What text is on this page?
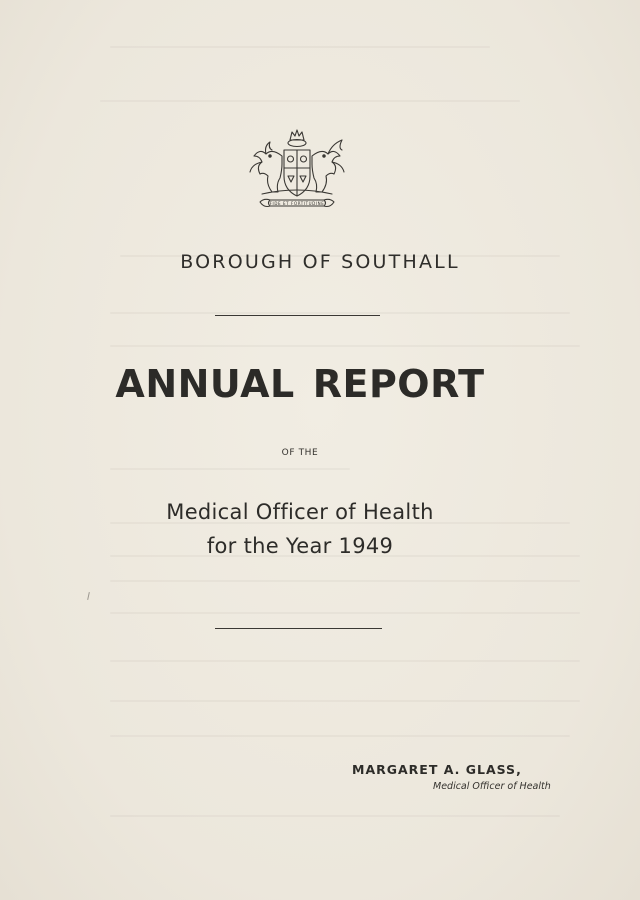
FIDE ET FORTITUDINE
BOROUGH OF SOUTHALL
ANNUAL REPORT
OF THE
Medical Officer of Health
for the Year 1949
MARGARET A. GLASS,
Medical Officer of Health
